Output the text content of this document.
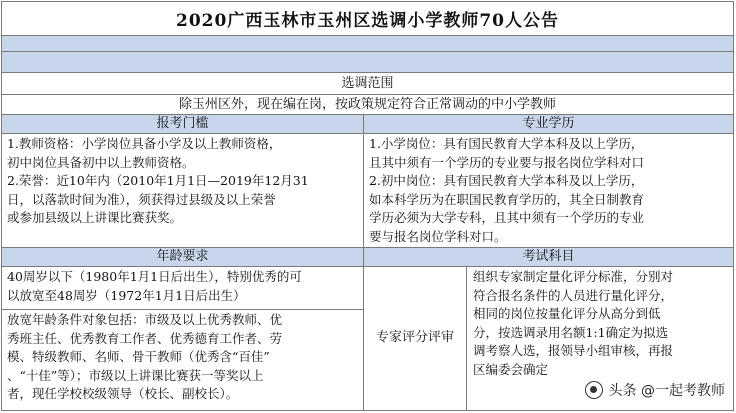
2020广西玉林市玉州区选调小学教师70人公告
选调范围
除玉州区外，现在编在岗，按政策规定符合正常调动的中小学教师
报考门槛	专业学历
1.教师资格：小学岗位具备小学及以上教师资格，
初中岗位具备初中以上教师资格。
2.荣誉：近10年内（2010年1月1日—2019年12月31
日，以落款时间为准），须获得过县级及以上荣誉
或参加县级以上讲课比赛获奖。
1.小学岗位：具有国民教育大学本科及以上学历，
且其中须有一个学历的专业要与报名岗位学科对口
2.初中岗位：具有国民教育大学本科及以上学历，
如本科学历为在职国民教育学历的，其全日制教育
学历必须为大学专科，且其中须有一个学历的专业
要与报名岗位学科对口。
年龄要求	考试科目
40周岁以下（1980年1月1日后出生），特别优秀的可
以放宽至48周岁（1972年1月1日后出生）
放宽年龄条件对象包括：市级及以上优秀教师、优
秀班主任、优秀教育工作者、优秀德育工作者、劳
模、特级教师、名师、骨干教师（优秀含“百佳”
、“十佳”等）；市级以上讲课比赛获一等奖以上
者，现任学校校级领导（校长、副校长）。
专家评分评审
组织专家制定量化评分标准，分别对
符合报名条件的人员进行量化评分，
相同的岗位按量化评分从高分到低
分，按选调录用名额1:1确定为拟选
调考察人选，报领导小组审核，再报
区编委会确定
头条 @一起考教师
